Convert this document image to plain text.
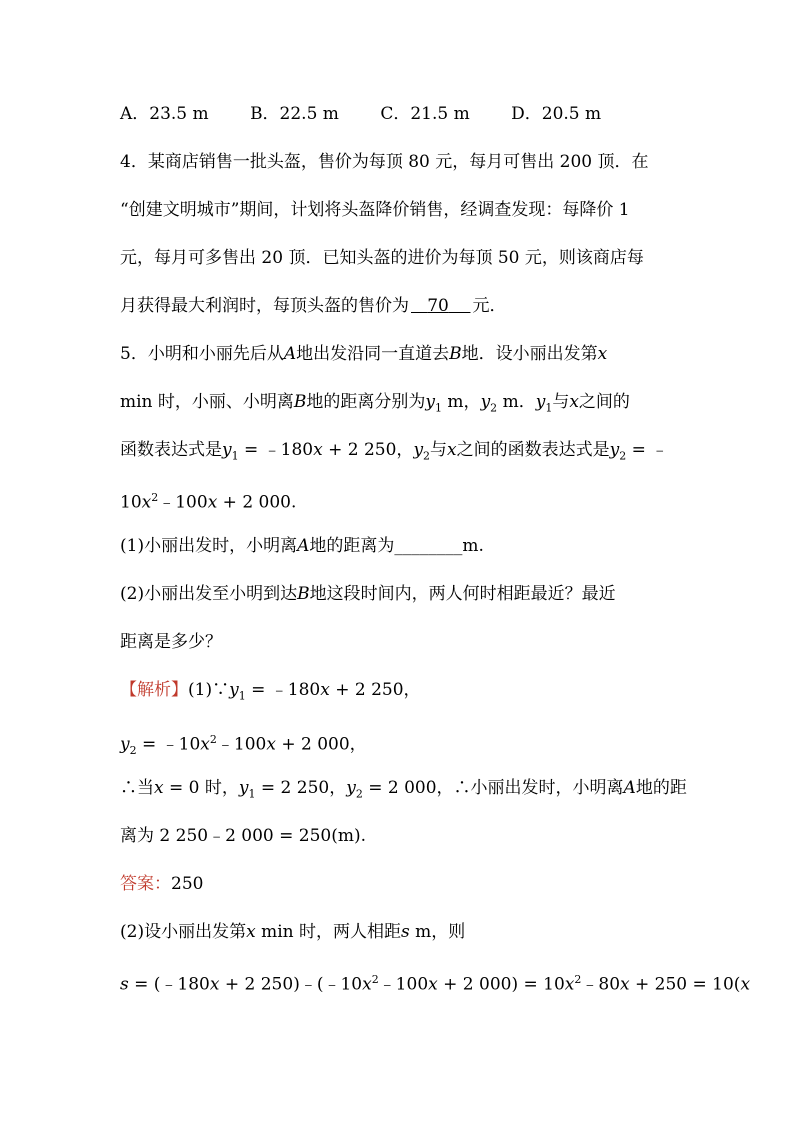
A．23.5 m B．22.5 m C．21.5 m D．20.5 m
4．某商店销售一批头盔，售价为每顶 80 元，每月可售出 200 顶．在
“创建文明城市”期间，计划将头盔降价销售，经调查发现：每降价 1
元，每月可多售出 20 顶．已知头盔的进价为每顶 50 元，则该商店每
月获得最大利润时，每顶头盔的售价为 70 元．
5．小明和小丽先后从A地出发沿同一直道去B地．设小丽出发第x
min 时，小丽、小明离B地的距离分别为$y_1$ m，$y_2$ m．$y_1$与x之间的
函数表达式是$y_1$ = ﹣180x + 2 250，$y_2$与x之间的函数表达式是$y_2$ = ﹣
$10x^2﹣100x + 2$ 000.
(1)小丽出发时，小明离A地的距离为________m.
(2)小丽出发至小明到达B地这段时间内，两人何时相距最近？最近
距离是多少？
【解析】$(1)\because y_1$ = ﹣180x + 2 250，
$y_2$ = $﹣10x^2﹣100x + 2$ 000，
∴当x = 0 时，$y_1 = 2$ 250，$y_2 = 2$ 000，∴小丽出发时，小明离A地的距
离为 2 250﹣2 000 = 250(m).
答案：250
(2)设小丽出发第x min 时，两人相距s m，则
s = (﹣180x + 2 $250)﹣(﹣10x^2﹣100x + 2$ $000) = 10x^2﹣80x + 250 = 10(x$
